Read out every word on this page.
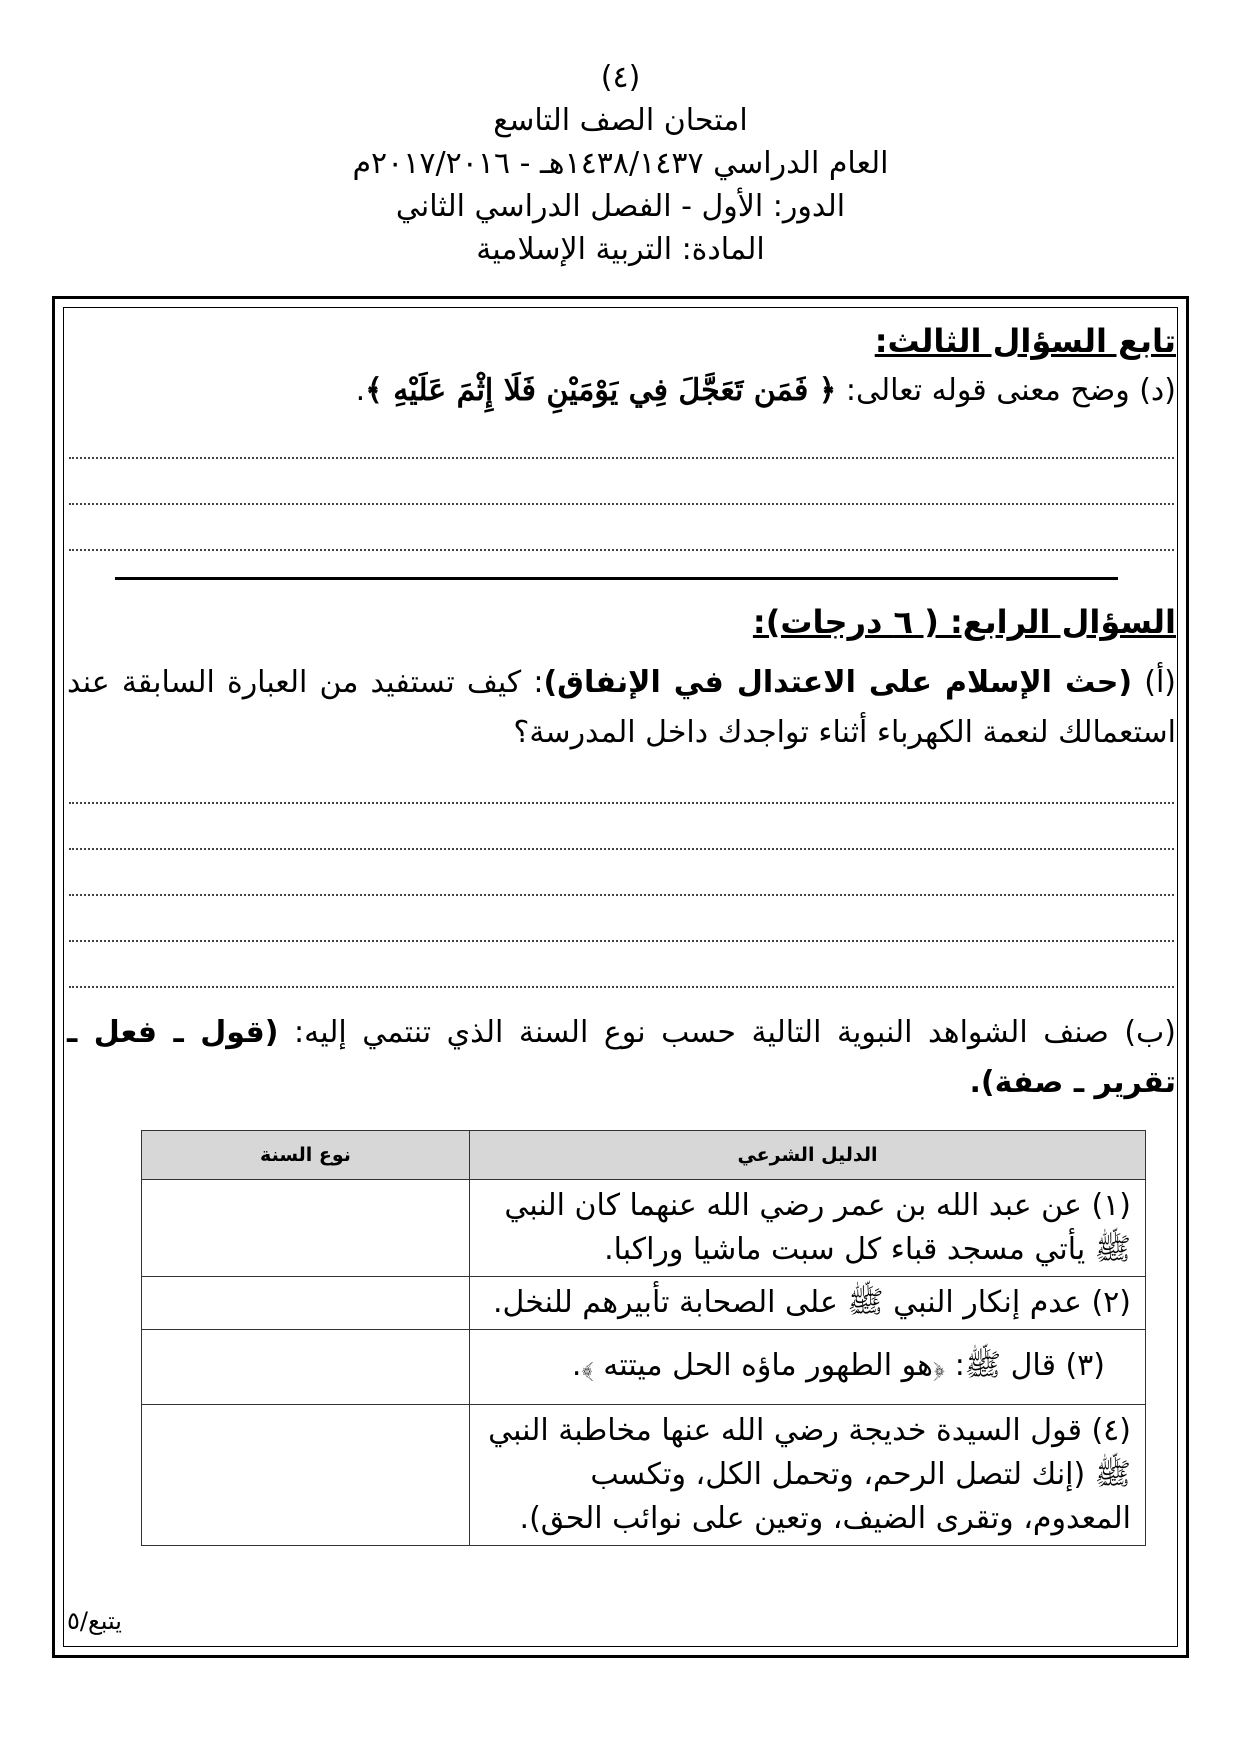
(٤)
امتحان الصف التاسع
العام الدراسي ١٤٣٨/١٤٣٧هـ - ٢٠١٧/٢٠١٦م
الدور: الأول - الفصل الدراسي الثاني
المادة: التربية الإسلامية
تابع السؤال الثالث:
(د) وضح معنى قوله تعالى: ﴿ فَمَن تَعَجَّلَ فِي يَوْمَيْنِ فَلَا إِثْمَ عَلَيْهِ ﴾.
السؤال الرابع: ( ٦ درجات):
(أ) (حث الإسلام على الاعتدال في الإنفاق): كيف تستفيد من العبارة السابقة عند استعمالك لنعمة الكهرباء أثناء تواجدك داخل المدرسة؟
(ب) صنف الشواهد النبوية التالية حسب نوع السنة الذي تنتمي إليه: (قول ـ فعل ـ تقرير ـ صفة).
الدليل الشرعي	نوع السنة
(١) عن عبد الله بن عمر رضي الله عنهما كان النبي ﷺ يأتي مسجد قباء كل سبت ماشيا وراكبا.	
(٢) عدم إنكار النبي ﷺ على الصحابة تأبيرهم للنخل.	
(٣) قال ﷺ: ﴿هو الطهور ماؤه الحل ميتته ﴾.	
(٤) قول السيدة خديجة رضي الله عنها مخاطبة النبي ﷺ (إنك لتصل الرحم، وتحمل الكل، وتكسب المعدوم، وتقرى الضيف، وتعين على نوائب الحق).	
يتبع/٥
